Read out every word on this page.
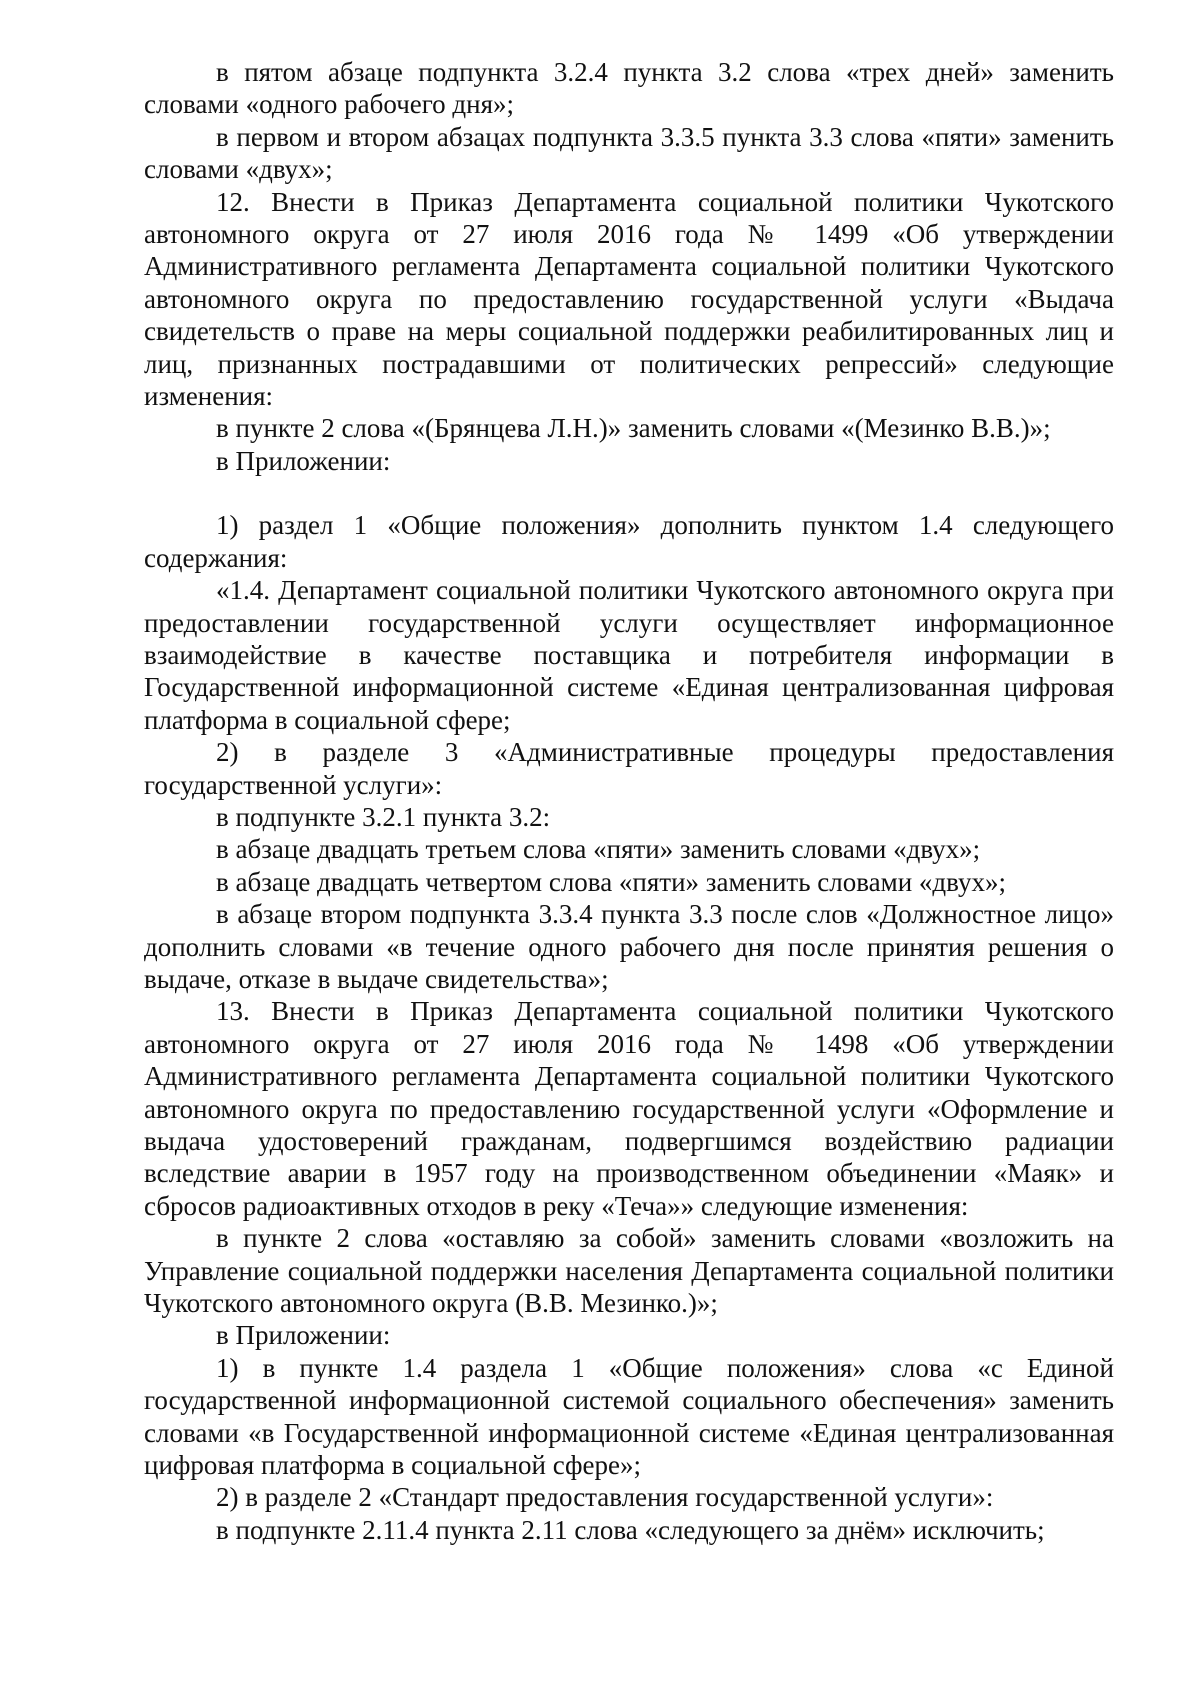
в пятом абзаце подпункта 3.2.4 пункта 3.2 слова «трех дней» заменить словами «одного рабочего дня»;

в первом и втором абзацах подпункта 3.3.5 пункта 3.3 слова «пяти» заменить словами «двух»;

12. Внести в Приказ Департамента социальной политики Чукотского автономного округа от 27 июля 2016 года № 1499 «Об утверждении Административного регламента Департамента социальной политики Чукотского автономного округа по предоставлению государственной услуги «Выдача свидетельств о праве на меры социальной поддержки реабилитированных лиц и лиц, признанных пострадавшими от политических репрессий» следующие изменения:

в пункте 2 слова «(Брянцева Л.Н.)» заменить словами «(Мезинко В.В.)»;

в Приложении:

1) раздел 1 «Общие положения» дополнить пунктом 1.4 следующего содержания:

«1.4. Департамент социальной политики Чукотского автономного округа при предоставлении государственной услуги осуществляет информационное взаимодействие в качестве поставщика и потребителя информации в Государственной информационной системе «Единая централизованная цифровая платформа в социальной сфере;

2) в разделе 3 «Административные процедуры предоставления государственной услуги»:

в подпункте 3.2.1 пункта 3.2:

в абзаце двадцать третьем слова «пяти» заменить словами «двух»;

в абзаце двадцать четвертом слова «пяти» заменить словами «двух»;

в абзаце втором подпункта 3.3.4 пункта 3.3 после слов «Должностное лицо» дополнить словами «в течение одного рабочего дня после принятия решения о выдаче, отказе в выдаче свидетельства»;

13. Внести в Приказ Департамента социальной политики Чукотского автономного округа от 27 июля 2016 года № 1498 «Об утверждении Административного регламента Департамента социальной политики Чукотского автономного округа по предоставлению государственной услуги «Оформление и выдача удостоверений гражданам, подвергшимся воздействию радиации вследствие аварии в 1957 году на производственном объединении «Маяк» и сбросов радиоактивных отходов в реку «Теча»» следующие изменения:

в пункте 2 слова «оставляю за собой» заменить словами «возложить на Управление социальной поддержки населения Департамента социальной политики Чукотского автономного округа (В.В. Мезинко.)»;

в Приложении:

1) в пункте 1.4 раздела 1 «Общие положения» слова «с Единой государственной информационной системой социального обеспечения» заменить словами «в Государственной информационной системе «Единая централизованная цифровая платформа в социальной сфере»;

2) в разделе 2 «Стандарт предоставления государственной услуги»:

в подпункте 2.11.4 пункта 2.11 слова «следующего за днём» исключить;
